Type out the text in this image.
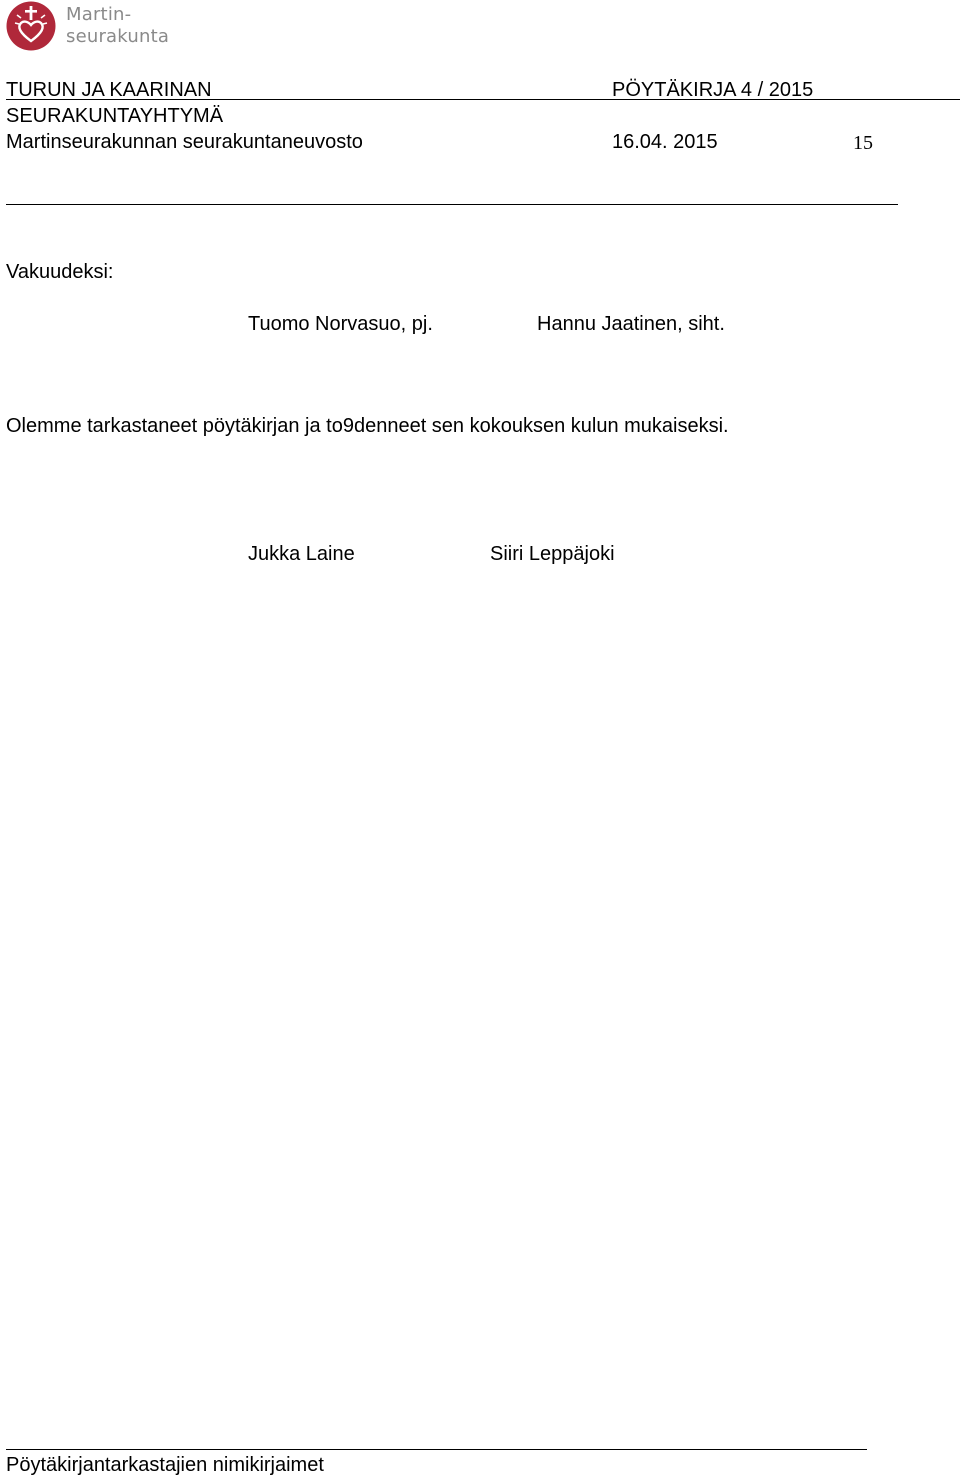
Martin-
seurakunta
TURUN JA KAARINAN	PÖYTÄKIRJA 4 / 2015
SEURAKUNTAYHTYMÄ
Martinseurakunnan seurakuntaneuvosto	16.04. 2015	15
Vakuudeksi:
Tuomo Norvasuo, pj.	Hannu Jaatinen, siht.
Olemme tarkastaneet pöytäkirjan ja to9denneet sen kokouksen kulun mukaiseksi.
Jukka Laine	Siiri Leppäjoki
Pöytäkirjantarkastajien nimikirjaimet
